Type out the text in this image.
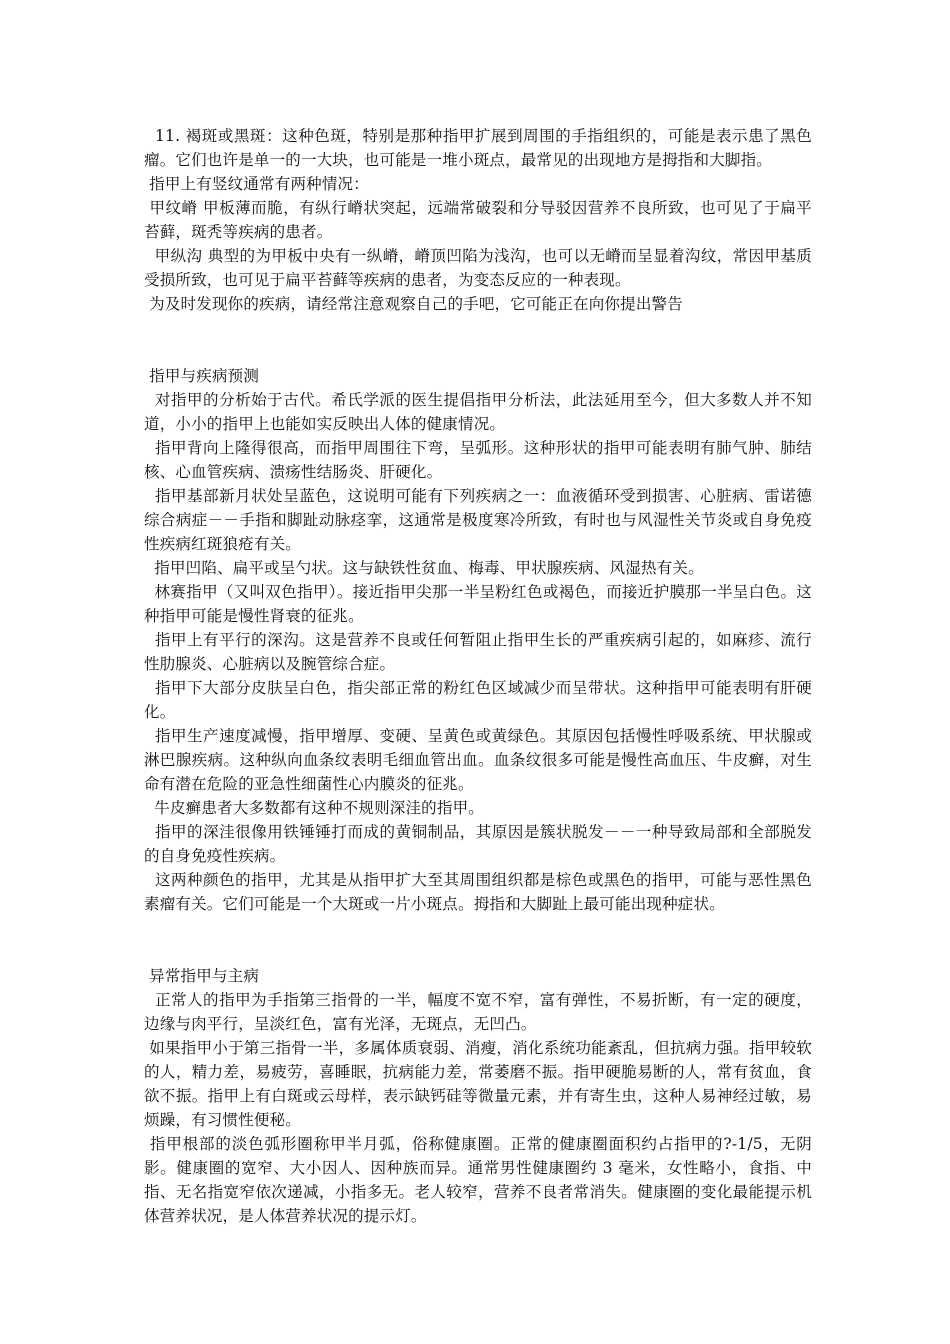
11. 褐斑或黑斑：这种色斑，特别是那种指甲扩展到周围的手指组织的，可能是表示患了黑色瘤。它们也许是单一的一大块，也可能是一堆小斑点，最常见的出现地方是拇指和大脚指。

指甲上有竖纹通常有两种情况：

甲纹嵴 甲板薄而脆，有纵行嵴状突起，远端常破裂和分导驳因营养不良所致，也可见了于扁平苔藓，斑秃等疾病的患者。

甲纵沟 典型的为甲板中央有一纵嵴，嵴顶凹陷为浅沟，也可以无嵴而呈显着沟纹，常因甲基质受损所致，也可见于扁平苔藓等疾病的患者，为变态反应的一种表现。

为及时发现你的疾病，请经常注意观察自己的手吧，它可能正在向你提出警告

指甲与疾病预测

对指甲的分析始于古代。希氏学派的医生提倡指甲分析法，此法延用至今，但大多数人并不知道，小小的指甲上也能如实反映出人体的健康情况。

指甲背向上隆得很高，而指甲周围往下弯，呈弧形。这种形状的指甲可能表明有肺气肿、肺结核、心血管疾病、溃疡性结肠炎、肝硬化。

指甲基部新月状处呈蓝色，这说明可能有下列疾病之一：血液循环受到损害、心脏病、雷诺德综合病症－－手指和脚趾动脉痉挛，这通常是极度寒冷所致，有时也与风湿性关节炎或自身免疫性疾病红斑狼疮有关。

指甲凹陷、扁平或呈勺状。这与缺铁性贫血、梅毒、甲状腺疾病、风湿热有关。

林赛指甲（又叫双色指甲）。接近指甲尖那一半呈粉红色或褐色，而接近护膜那一半呈白色。这种指甲可能是慢性肾衰的征兆。

指甲上有平行的深沟。这是营养不良或任何暂阻止指甲生长的严重疾病引起的，如麻疹、流行性肋腺炎、心脏病以及腕管综合症。

指甲下大部分皮肤呈白色，指尖部正常的粉红色区域减少而呈带状。这种指甲可能表明有肝硬化。

指甲生产速度减慢，指甲增厚、变硬、呈黄色或黄绿色。其原因包括慢性呼吸系统、甲状腺或淋巴腺疾病。这种纵向血条纹表明毛细血管出血。血条纹很多可能是慢性高血压、牛皮癣，对生命有潜在危险的亚急性细菌性心内膜炎的征兆。

牛皮癣患者大多数都有这种不规则深洼的指甲。

指甲的深洼很像用铁锤锤打而成的黄铜制品，其原因是簇状脱发－－一种导致局部和全部脱发的自身免疫性疾病。

这两种颜色的指甲，尤其是从指甲扩大至其周围组织都是棕色或黑色的指甲，可能与恶性黑色素瘤有关。它们可能是一个大斑或一片小斑点。拇指和大脚趾上最可能出现种症状。

异常指甲与主病

正常人的指甲为手指第三指骨的一半，幅度不宽不窄，富有弹性，不易折断，有一定的硬度，边缘与肉平行，呈淡红色，富有光泽，无斑点，无凹凸。

如果指甲小于第三指骨一半，多属体质衰弱、消瘦，消化系统功能紊乱，但抗病力强。指甲较软的人，精力差，易疲劳，喜睡眠，抗病能力差，常萎磨不振。指甲硬脆易断的人，常有贫血，食欲不振。指甲上有白斑或云母样，表示缺钙硅等微量元素，并有寄生虫，这种人易神经过敏，易烦躁，有习惯性便秘。

指甲根部的淡色弧形圈称甲半月弧，俗称健康圈。正常的健康圈面积约占指甲的?-1/5，无阴影。健康圈的宽窄、大小因人、因种族而异。通常男性健康圈约 3 毫米，女性略小，食指、中指、无名指宽窄依次递减，小指多无。老人较窄，营养不良者常消失。健康圈的变化最能提示机体营养状况，是人体营养状况的提示灯。
